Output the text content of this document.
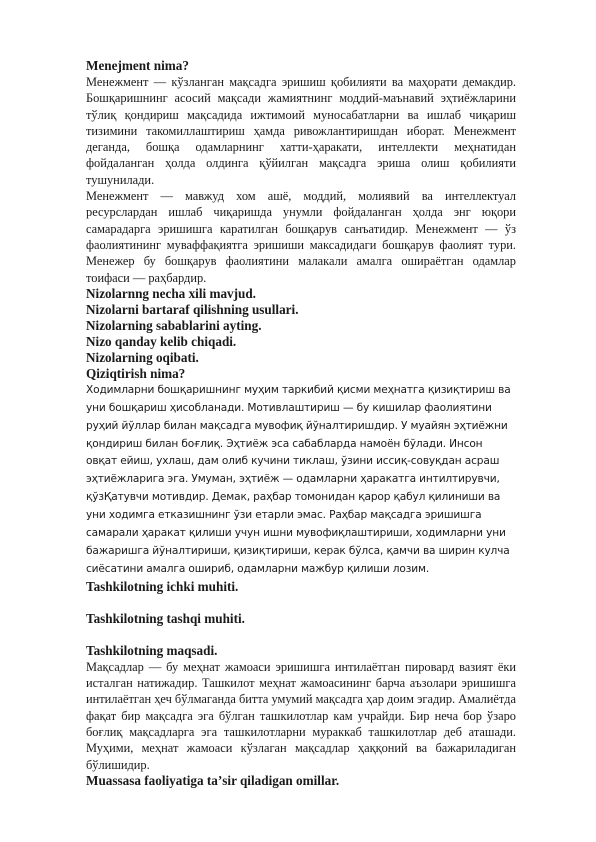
Menejment nima?

Менежмент — кўзланган мақсадга эришиш қобилияти ва маҳорати демакдир. Бошқаришнинг асосий мақсади жамиятнинг моддий-маънавий эҳтиёжларини тўлиқ қондириш мақсадида ижтимоий муносабатларни ва ишлаб чиқариш тизимини такомиллаштириш ҳамда ривожлантиришдан иборат. Менежмент деганда, бошқа одамларнинг хатти-ҳаракати, интеллекти меҳнатидан фойдаланган ҳолда олдинга қўйилган мақсадга эриша олиш қобилияти тушунилади.

Менежмент — мавжуд хом ашё, моддий, молиявий ва интеллектуал ресурслардан ишлаб чиқаришда унумли фойдаланган ҳолда энг юқори самарадарга эришишга каратилган бошқарув санъатидир. Менежмент — ўз фаолиятининг муваффақиятга эришиши максадидаги бошқарув фаолият тури. Менежер бу бошқарув фаолиятини малакали амалга оширaётган одамлар тоифаси — раҳбардир.

Nizolarnng necha xili mavjud.

Nizolarni bartaraf qilishning usullari.

Nizolarning sabablarini ayting.

Nizo qanday kelib chiqadi.

Nizolarning oqibati.

Qiziqtirish nima?

Ходимларни бошқаришнинг муҳим таркибий қисми меҳнатга қизиқтириш ва уни бошқариш ҳисобланади. Мотивлаштириш — бу кишилар фаолиятини руҳий йўллар билан мақсадга мувофиқ йўналтиришдир. У муайян эҳтиёжни қондириш билан боғлиқ. Эҳтиёж эса сабабларда намоён бўлади. Инсон овқат ейиш, ухлаш, дам олиб кучини тиклаш, ўзини иссиқ-совуқдан асраш эҳтиёжларига эга. Умуман, эҳтиёж — одамларни ҳаракатга интилтирувчи, қўзҚатувчи мотивдир. Демак, раҳбар томонидан қарор қабул қилиниши ва уни ходимга етказишнинг ўзи етарли эмас. Раҳбар мақсадга эришишга самарали ҳаракат қилиши учун ишни мувофиқлаштириши, ходимларни уни бажаришга йўналтириши, қизиқтириши, керак бўлса, қамчи ва ширин кулча сиёсатини амалга ошириб, одамларни мажбур қилиши лозим.

Tashkilotning ichki muhiti.

Tashkilotning tashqi muhiti.

Tashkilotning maqsadi.

Мақсадлар — бу меҳнат жамоаси эришишга интилаётган пировард вазият ёки исталган натижадир. Ташкилот меҳнат жамоасининг барча аъзолари эришишга интилаётган ҳеч бўлмаганда битта умумий мақсадга ҳар доим эгадир. Амалиётда фақат бир мақсадга эга бўлган ташкилотлар кам учрайди. Бир неча бор ўзаро боғлиқ мақсадларга эга ташкилотларни мураккаб ташкилотлар деб аташади. Муҳими, меҳнат жамоаси кўзлаган мақсадлар ҳаққоний ва бажариладиган бўлишидир.

Muassasa faoliyatiga taʼsir qiladigan omillar.
